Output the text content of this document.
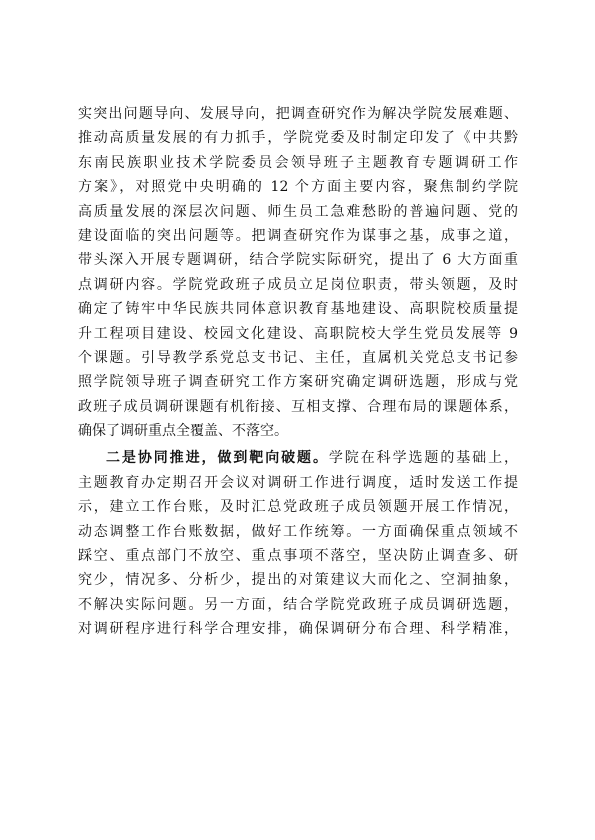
实突出问题导向、发展导向，把调查研究作为解决学院发展难题、
推动高质量发展的有力抓手，学院党委及时制定印发了《中共黔
东南民族职业技术学院委员会领导班子主题教育专题调研工作
方案》，对照党中央明确的 12 个方面主要内容，聚焦制约学院
高质量发展的深层次问题、师生员工急难愁盼的普遍问题、党的
建设面临的突出问题等。把调查研究作为谋事之基，成事之道，
带头深入开展专题调研，结合学院实际研究，提出了 6 大方面重
点调研内容。学院党政班子成员立足岗位职责，带头领题，及时
确定了铸牢中华民族共同体意识教育基地建设、高职院校质量提
升工程项目建设、校园文化建设、高职院校大学生党员发展等 9
个课题。引导教学系党总支书记、主任，直属机关党总支书记参
照学院领导班子调查研究工作方案研究确定调研选题，形成与党
政班子成员调研课题有机衔接、互相支撑、合理布局的课题体系，
确保了调研重点全覆盖、不落空。
二是协同推进，做到靶向破题。学院在科学选题的基础上，
主题教育办定期召开会议对调研工作进行调度，适时发送工作提
示，建立工作台账，及时汇总党政班子成员领题开展工作情况，
动态调整工作台账数据，做好工作统筹。一方面确保重点领域不
踩空、重点部门不放空、重点事项不落空，坚决防止调查多、研
究少，情况多、分析少，提出的对策建议大而化之、空洞抽象，
不解决实际问题。另一方面，结合学院党政班子成员调研选题，
对调研程序进行科学合理安排，确保调研分布合理、科学精准，
